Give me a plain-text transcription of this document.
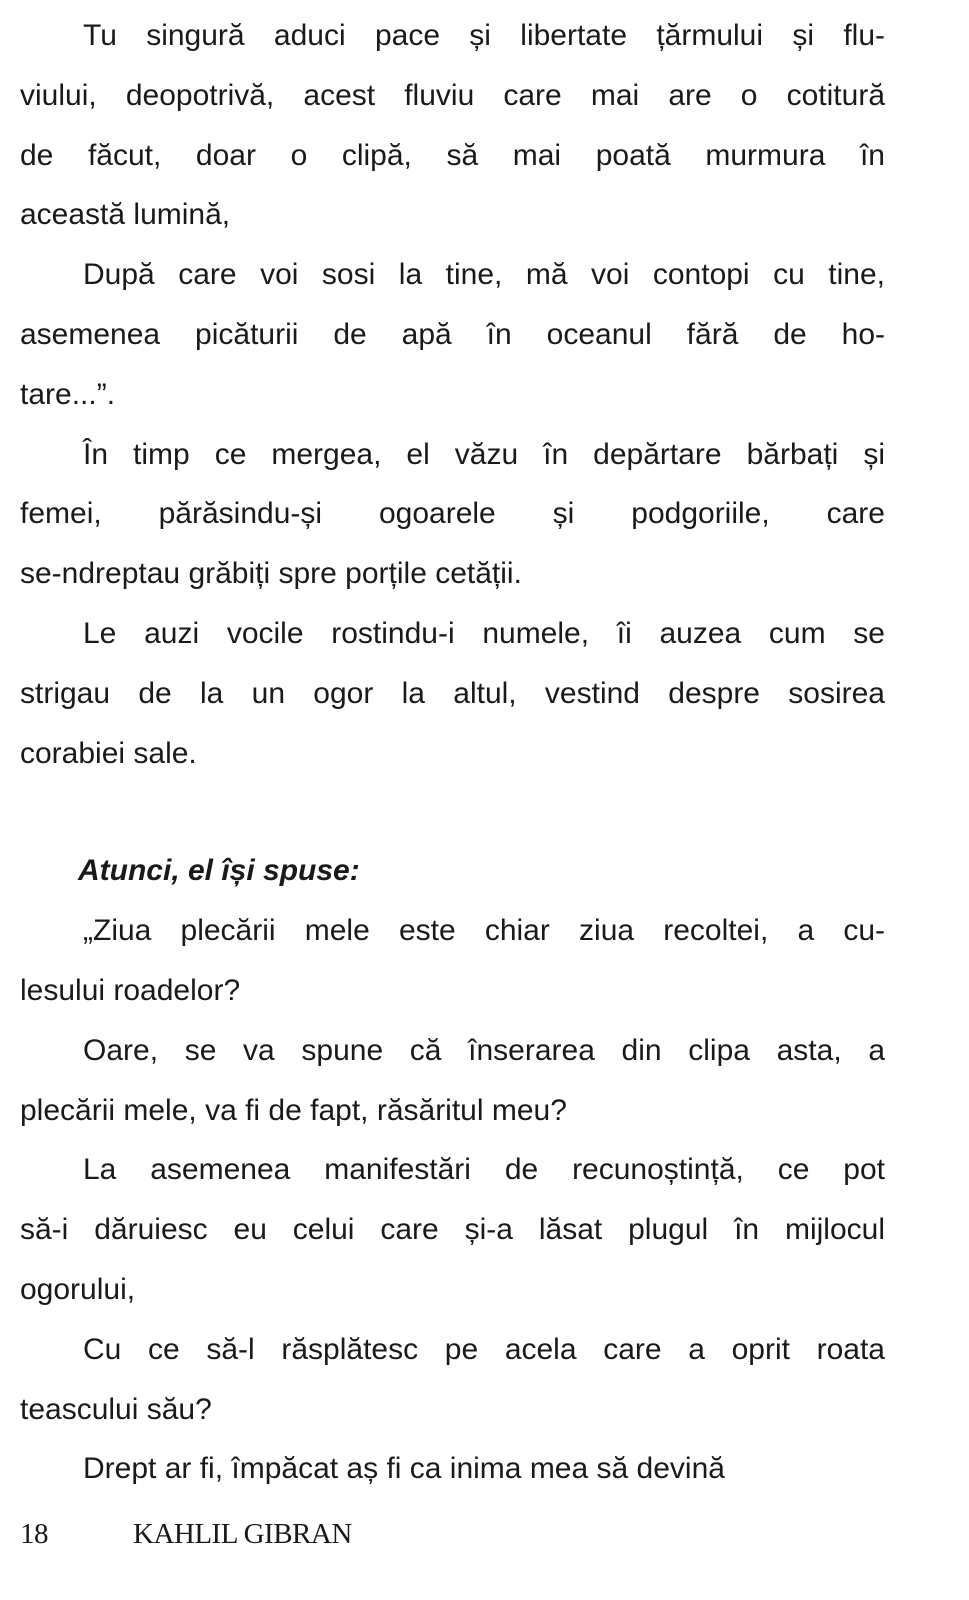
Tu singură aduci pace și libertate țărmului și flu-
viului, deopotrivă, acest fluviu care mai are o cotitură
de făcut, doar o clipă, să mai poată murmura în
această lumină,
După care voi sosi la tine, mă voi contopi cu tine,
asemenea picăturii de apă în oceanul fără de ho-
tare...”.
În timp ce mergea, el văzu în depărtare bărbați și
femei, părăsindu-și ogoarele și podgoriile, care
se-ndreptau grăbiți spre porțile cetății.
Le auzi vocile rostindu-i numele, îi auzea cum se
strigau de la un ogor la altul, vestind despre sosirea
corabiei sale.
Atunci, el își spuse:
„Ziua plecării mele este chiar ziua recoltei, a cu-
lesului roadelor?
Oare, se va spune că înserarea din clipa asta, a
plecării mele, va fi de fapt, răsăritul meu?
La asemenea manifestări de recunoștință, ce pot
să-i dăruiesc eu celui care și-a lăsat plugul în mijlocul
ogorului,
Cu ce să-l răsplătesc pe acela care a oprit roata
teascului său?
Drept ar fi, împăcat aș fi ca inima mea să devină
18	KAHLIL GIBRAN
